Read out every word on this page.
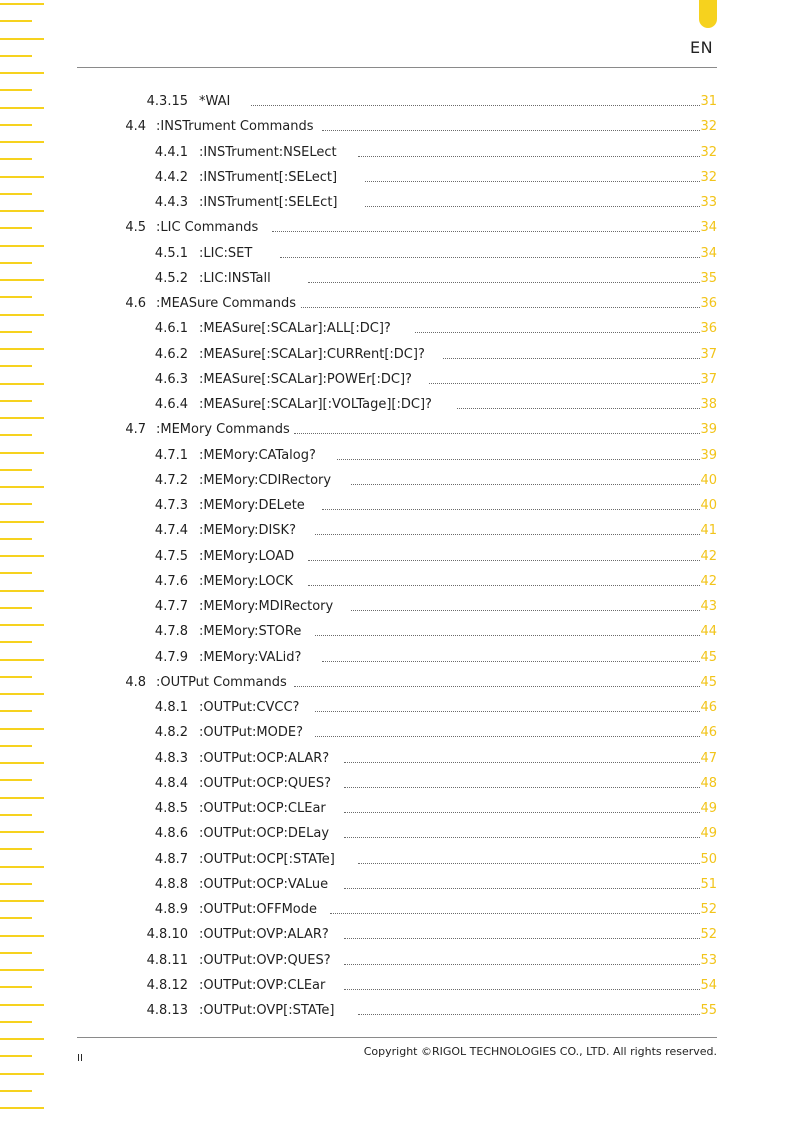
EN
4.3.15 *WAI	31
4.4 :INSTrument Commands	32
4.4.1 :INSTrument:NSELect	32
4.4.2 :INSTrument[:SELect]	32
4.4.3 :INSTrument[:SELEct]	33
4.5 :LIC Commands	34
4.5.1 :LIC:SET	34
4.5.2 :LIC:INSTall	35
4.6 :MEASure Commands	36
4.6.1 :MEASure[:SCALar]:ALL[:DC]?	36
4.6.2 :MEASure[:SCALar]:CURRent[:DC]?	37
4.6.3 :MEASure[:SCALar]:POWEr[:DC]?	37
4.6.4 :MEASure[:SCALar][:VOLTage][:DC]?	38
4.7 :MEMory Commands	39
4.7.1 :MEMory:CATalog?	39
4.7.2 :MEMory:CDIRectory	40
4.7.3 :MEMory:DELete	40
4.7.4 :MEMory:DISK?	41
4.7.5 :MEMory:LOAD	42
4.7.6 :MEMory:LOCK	42
4.7.7 :MEMory:MDIRectory	43
4.7.8 :MEMory:STORe	44
4.7.9 :MEMory:VALid?	45
4.8 :OUTPut Commands	45
4.8.1 :OUTPut:CVCC?	46
4.8.2 :OUTPut:MODE?	46
4.8.3 :OUTPut:OCP:ALAR?	47
4.8.4 :OUTPut:OCP:QUES?	48
4.8.5 :OUTPut:OCP:CLEar	49
4.8.6 :OUTPut:OCP:DELay	49
4.8.7 :OUTPut:OCP[:STATe]	50
4.8.8 :OUTPut:OCP:VALue	51
4.8.9 :OUTPut:OFFMode	52
4.8.10 :OUTPut:OVP:ALAR?	52
4.8.11 :OUTPut:OVP:QUES?	53
4.8.12 :OUTPut:OVP:CLEar	54
4.8.13 :OUTPut:OVP[:STATe]	55
Copyright ©RIGOL TECHNOLOGIES CO., LTD. All rights reserved.
II
